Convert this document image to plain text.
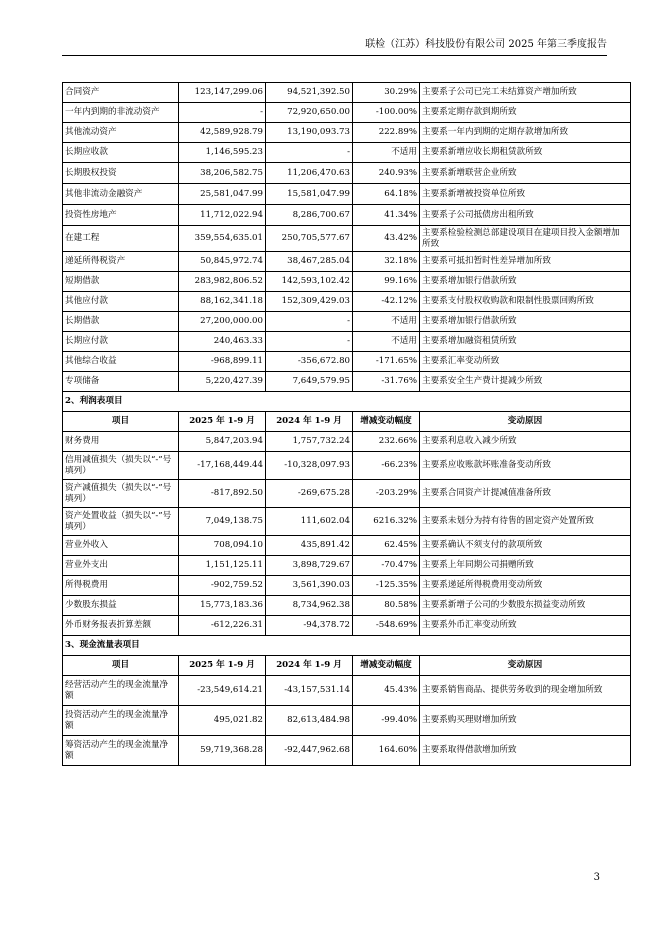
联检（江苏）科技股份有限公司 2025 年第三季度报告
合同资产	123,147,299.06	94,521,392.50	30.29%	主要系子公司已完工未结算资产增加所致
一年内到期的非流动资产	-	72,920,650.00	-100.00%	主要系定期存款到期所致
其他流动资产	42,589,928.79	13,190,093.73	222.89%	主要系一年内到期的定期存款增加所致
长期应收款	1,146,595.23	-	不适用	主要系新增应收长期租赁款所致
长期股权投资	38,206,582.75	11,206,470.63	240.93%	主要系新增联营企业所致
其他非流动金融资产	25,581,047.99	15,581,047.99	64.18%	主要系新增被投资单位所致
投资性房地产	11,712,022.94	8,286,700.67	41.34%	主要系子公司抵债房出租所致
在建工程	359,554,635.01	250,705,577.67	43.42%	主要系检验检测总部建设项目在建项目投入金额增加所致
递延所得税资产	50,845,972.74	38,467,285.04	32.18%	主要系可抵扣暂时性差异增加所致
短期借款	283,982,806.52	142,593,102.42	99.16%	主要系增加银行借款所致
其他应付款	88,162,341.18	152,309,429.03	-42.12%	主要系支付股权收购款和限制性股票回购所致
长期借款	27,200,000.00	-	不适用	主要系增加银行借款所致
长期应付款	240,463.33	-	不适用	主要系增加融资租赁所致
其他综合收益	-968,899.11	-356,672.80	-171.65%	主要系汇率变动所致
专项储备	5,220,427.39	7,649,579.95	-31.76%	主要系安全生产费计提减少所致
2、利润表项目				
项目	2025 年 1-9 月	2024 年 1-9 月	增减变动幅度	变动原因
财务费用	5,847,203.94	1,757,732.24	232.66%	主要系利息收入减少所致
信用减值损失（损失以“-”号填列）	-17,168,449.44	-10,328,097.93	-66.23%	主要系应收账款坏账准备变动所致
资产减值损失（损失以“-”号填列）	-817,892.50	-269,675.28	-203.29%	主要系合同资产计提减值准备所致
资产处置收益（损失以“-”号填列）	7,049,138.75	111,602.04	6216.32%	主要系未划分为持有待售的固定资产处置所致
营业外收入	708,094.10	435,891.42	62.45%	主要系确认不须支付的款项所致
营业外支出	1,151,125.11	3,898,729.67	-70.47%	主要系上年同期公司捐赠所致
所得税费用	-902,759.52	3,561,390.03	-125.35%	主要系递延所得税费用变动所致
少数股东损益	15,773,183.36	8,734,962.38	80.58%	主要系新增子公司的少数股东损益变动所致
外币财务报表折算差额	-612,226.31	-94,378.72	-548.69%	主要系外币汇率变动所致
3、现金流量表项目				
项目	2025 年 1-9 月	2024 年 1-9 月	增减变动幅度	变动原因
经营活动产生的现金流量净额	-23,549,614.21	-43,157,531.14	45.43%	主要系销售商品、提供劳务收到的现金增加所致
投资活动产生的现金流量净额	495,021.82	82,613,484.98	-99.40%	主要系购买理财增加所致
筹资活动产生的现金流量净额	59,719,368.28	-92,447,962.68	164.60%	主要系取得借款增加所致
3
